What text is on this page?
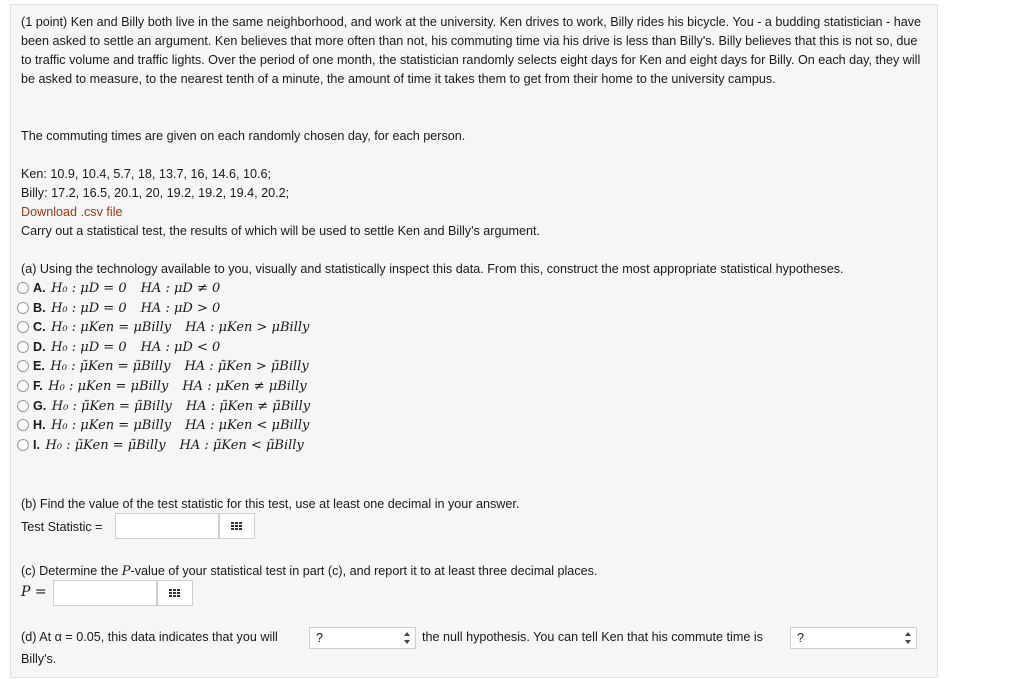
(1 point) Ken and Billy both live in the same neighborhood, and work at the university. Ken drives to work, Billy rides his bicycle. You - a budding statistician - have been asked to settle an argument. Ken believes that more often than not, his commuting time via his drive is less than Billy's. Billy believes that this is not so, due to traffic volume and traffic lights. Over the period of one month, the statistician randomly selects eight days for Ken and eight days for Billy. On each day, they will be asked to measure, to the nearest tenth of a minute, the amount of time it takes them to get from their home to the university campus.
The commuting times are given on each randomly chosen day, for each person.
Ken: 10.9, 10.4, 5.7, 18, 13.7, 16, 14.6, 10.6;
Billy: 17.2, 16.5, 20.1, 20, 19.2, 19.2, 19.4, 20.2;
Download .csv file
Carry out a statistical test, the results of which will be used to settle Ken and Billy's argument.
(a) Using the technology available to you, visually and statistically inspect this data. From this, construct the most appropriate statistical hypotheses.
A. H₀ : μD = 0 HA : μD ≠ 0
B. H₀ : μD = 0 HA : μD > 0
C. H₀ : μKen = μBilly HA : μKen > μBilly
D. H₀ : μD = 0 HA : μD < 0
E. H₀ : μ̃Ken = μ̃Billy HA : μ̃Ken > μ̃Billy
F. H₀ : μKen = μBilly HA : μKen ≠ μBilly
G. H₀ : μ̃Ken = μ̃Billy HA : μ̃Ken ≠ μ̃Billy
H. H₀ : μKen = μBilly HA : μKen < μBilly
I. H₀ : μ̃Ken = μ̃Billy HA : μ̃Ken < μ̃Billy
(b) Find the value of the test statistic for this test, use at least one decimal in your answer.
Test Statistic =
(c) Determine the P-value of your statistical test in part (c), and report it to at least three decimal places.
P =
(d) At α = 0.05, this data indicates that you will	?	the null hypothesis. You can tell Ken that his commute time is	?
Billy's.
